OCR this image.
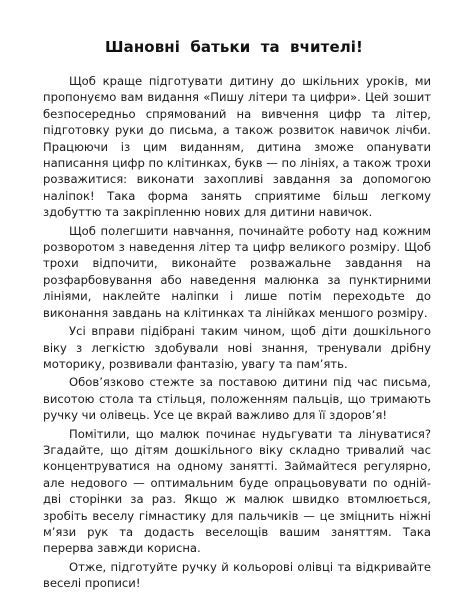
Шановні батьки та вчителі!

Щоб краще підготувати дитину до шкільних уроків, ми пропонуємо вам видання «Пишу літери та цифри». Цей зошит безпосередньо спрямований на вивчення цифр та літер, підготовку руки до письма, а також розвиток навичок лічби. Працюючи із цим виданням, дитина зможе опанувати написання цифр по клітинках, букв — по лініях, а також трохи розважитися: виконати захопливі завдання за допомогою наліпок! Така форма занять сприятиме більш легкому здобуттю та закріпленню нових для дитини навичок.

Щоб полегшити навчання, починайте роботу над кожним розворотом з наведення літер та цифр великого розміру. Щоб трохи відпочити, виконайте розважальне завдання на розфарбовування або наведення малюнка за пунктирними лініями, наклейте наліпки і лише потім переходьте до виконання завдань на клітинках та лінійках меншого розміру.

Усі вправи підібрані таким чином, щоб діти дошкільного віку з легкістю здобували нові знання, тренували дрібну моторику, розвивали фантазію, увагу та пам’ять.

Обов’язково стежте за поставою дитини під час письма, висотою стола та стільця, положенням пальців, що тримають ручку чи олівець. Усе це вкрай важливо для її здоров’я!

Помітили, що малюк починає нудьгувати та лінуватися? Згадайте, що дітям дошкільного віку складно тривалий час концентруватися на одному занятті. Займайтеся регулярно, але недового — оптимальним буде опрацьовувати по одній-дві сторінки за раз. Якщо ж малюк швидко втомлюється, зробіть веселу гімнастику для пальчиків — це зміцнить ніжні м’язи рук та додасть веселощів вашим заняттям. Така перерва завжди корисна.

Отже, підготуйте ручку й кольорові олівці та відкривайте веселі прописи!
